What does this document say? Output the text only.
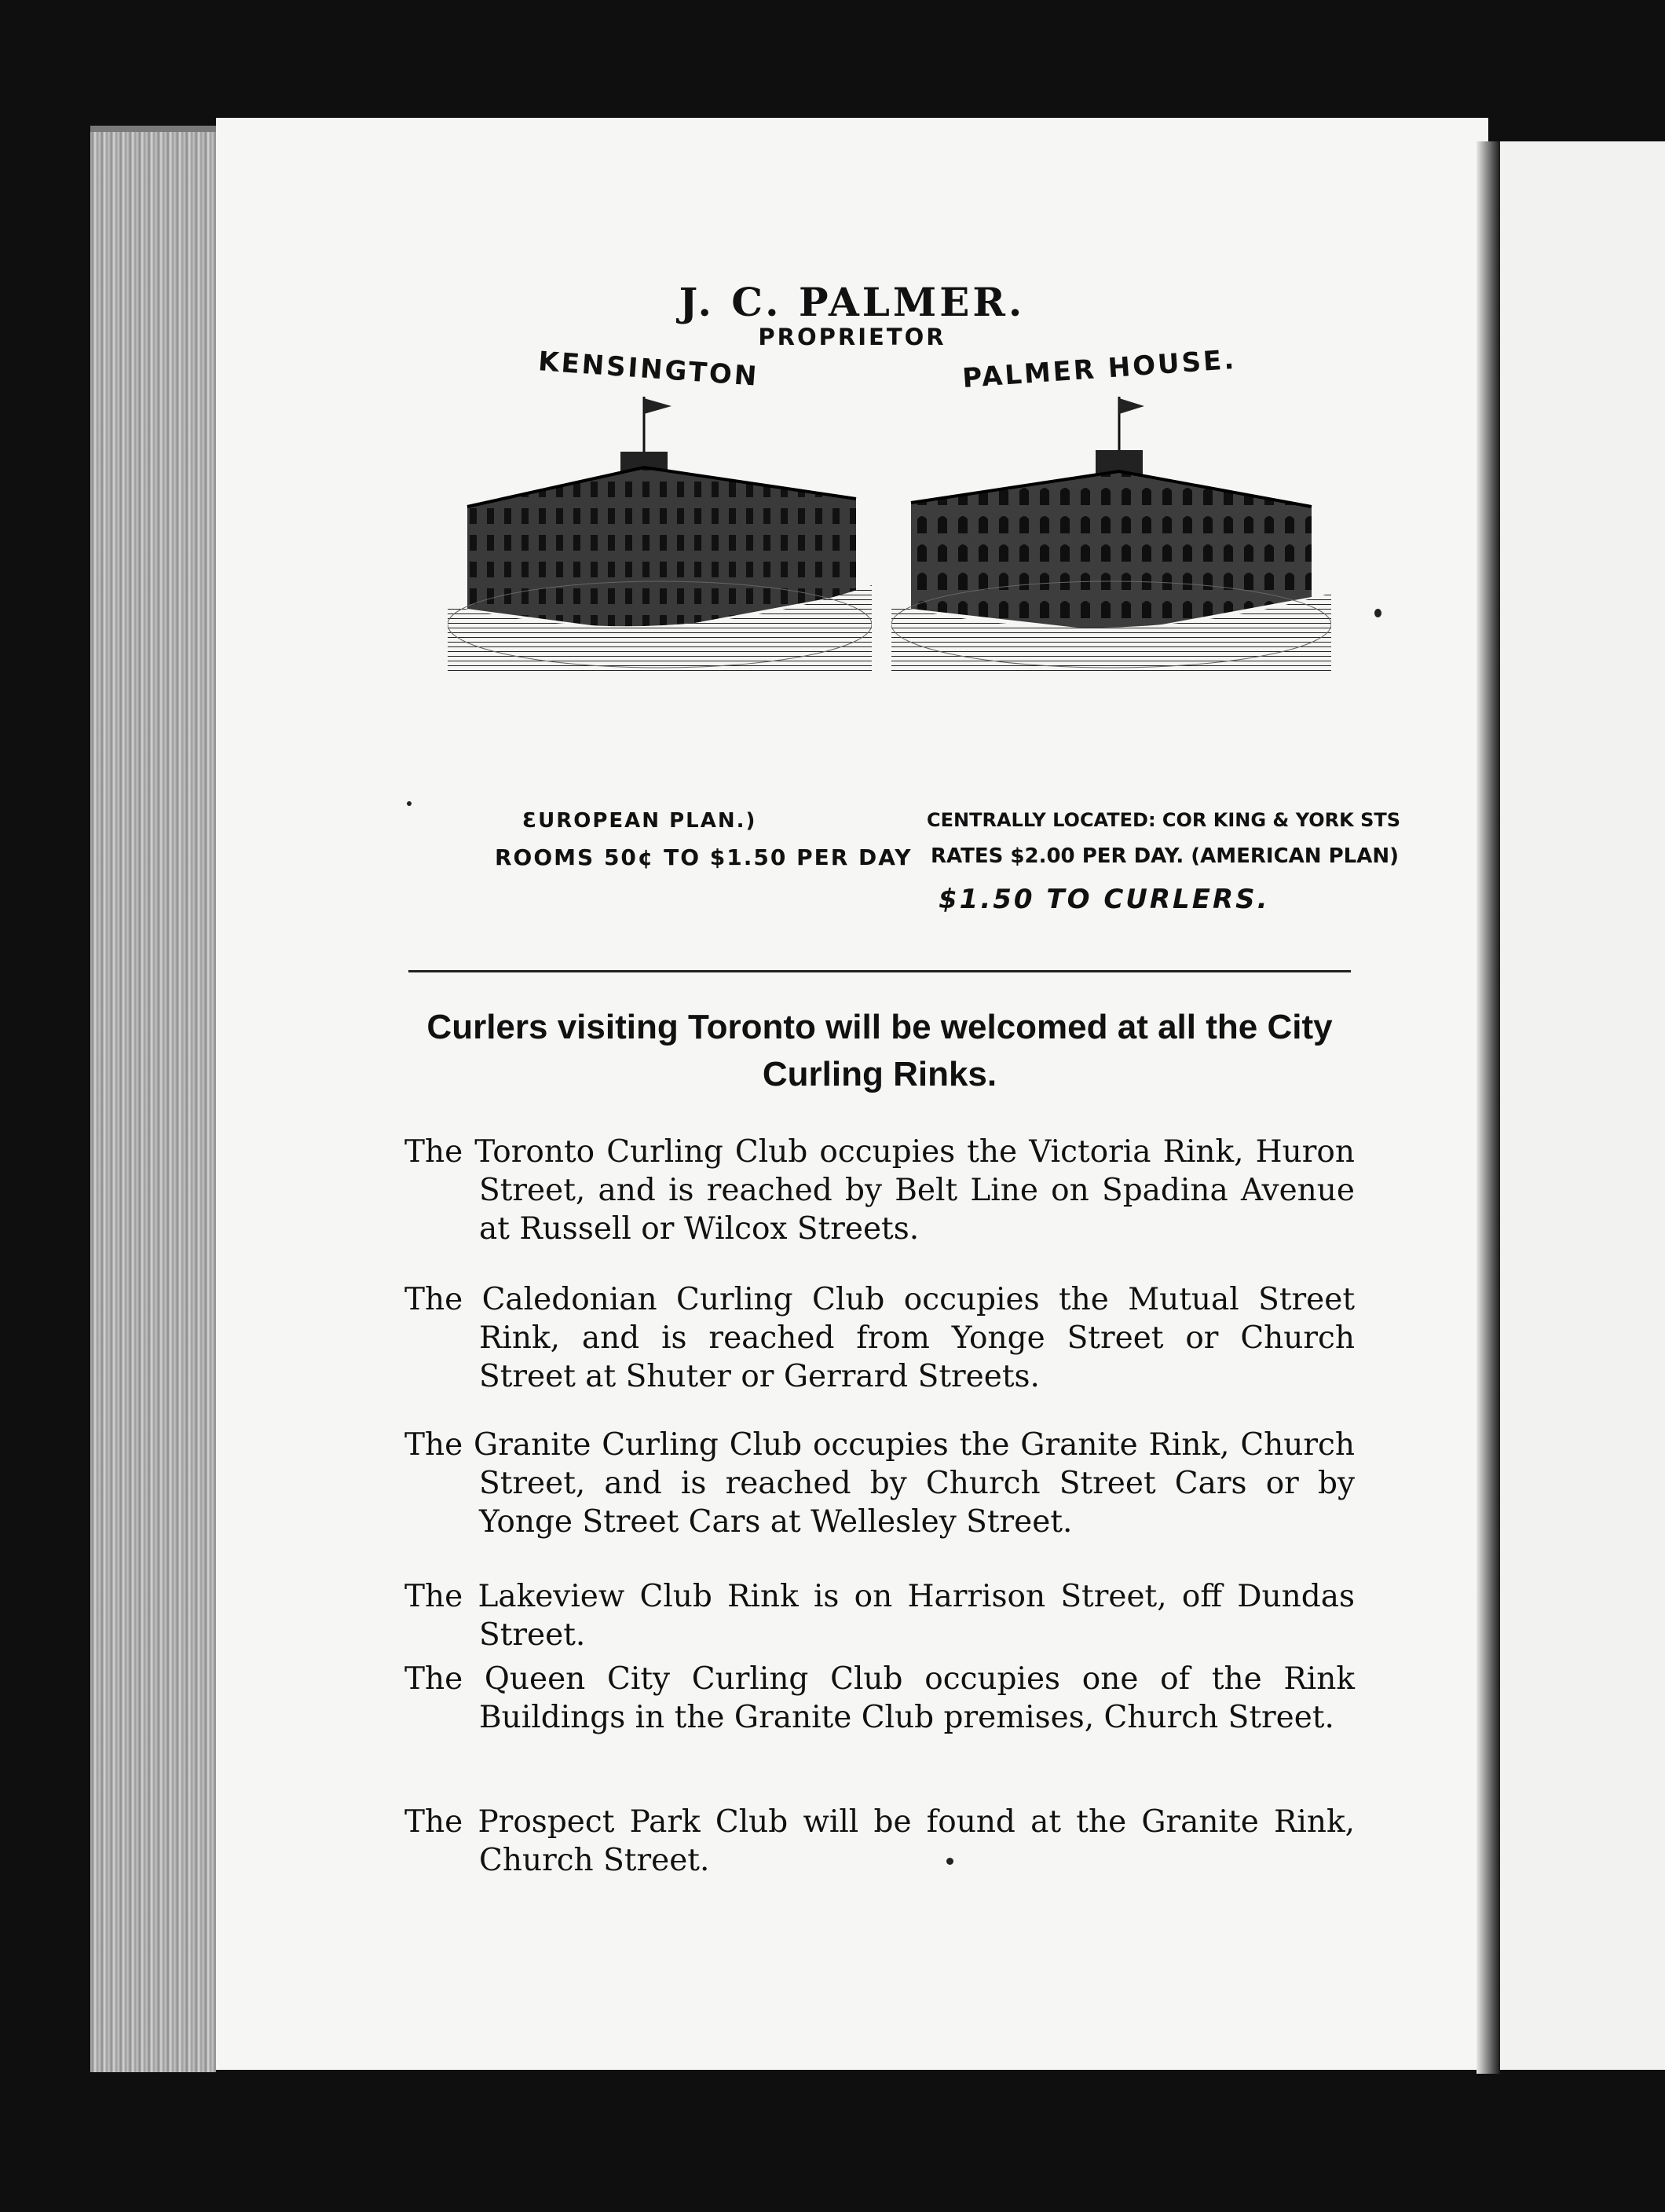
J. C. PALMER.
PROPRIETOR
KENSINGTON	PALMER HOUSE.
ƐUROPEAN PLAN.)
ROOMS 50¢ TO $1.50 PER DAY
CENTRALLY LOCATED: COR KING & YORK STS
RATES $2.00 PER DAY. (AMERICAN PLAN)
$1.50 TO CURLERS.
Curlers visiting Toronto will be welcomed at all the City Curling Rinks.
The Toronto Curling Club occupies the Victoria Rink, Huron Street, and is reached by Belt Line on Spadina Avenue at Russell or Wilcox Streets.
The Caledonian Curling Club occupies the Mutual Street Rink, and is reached from Yonge Street or Church Street at Shuter or Gerrard Streets.
The Granite Curling Club occupies the Granite Rink, Church Street, and is reached by Church Street Cars or by Yonge Street Cars at Wellesley Street.
The Lakeview Club Rink is on Harrison Street, off Dundas Street.
The Queen City Curling Club occupies one of the Rink Buildings in the Granite Club premises, Church Street.
The Prospect Park Club will be found at the Granite Rink, Church Street.
